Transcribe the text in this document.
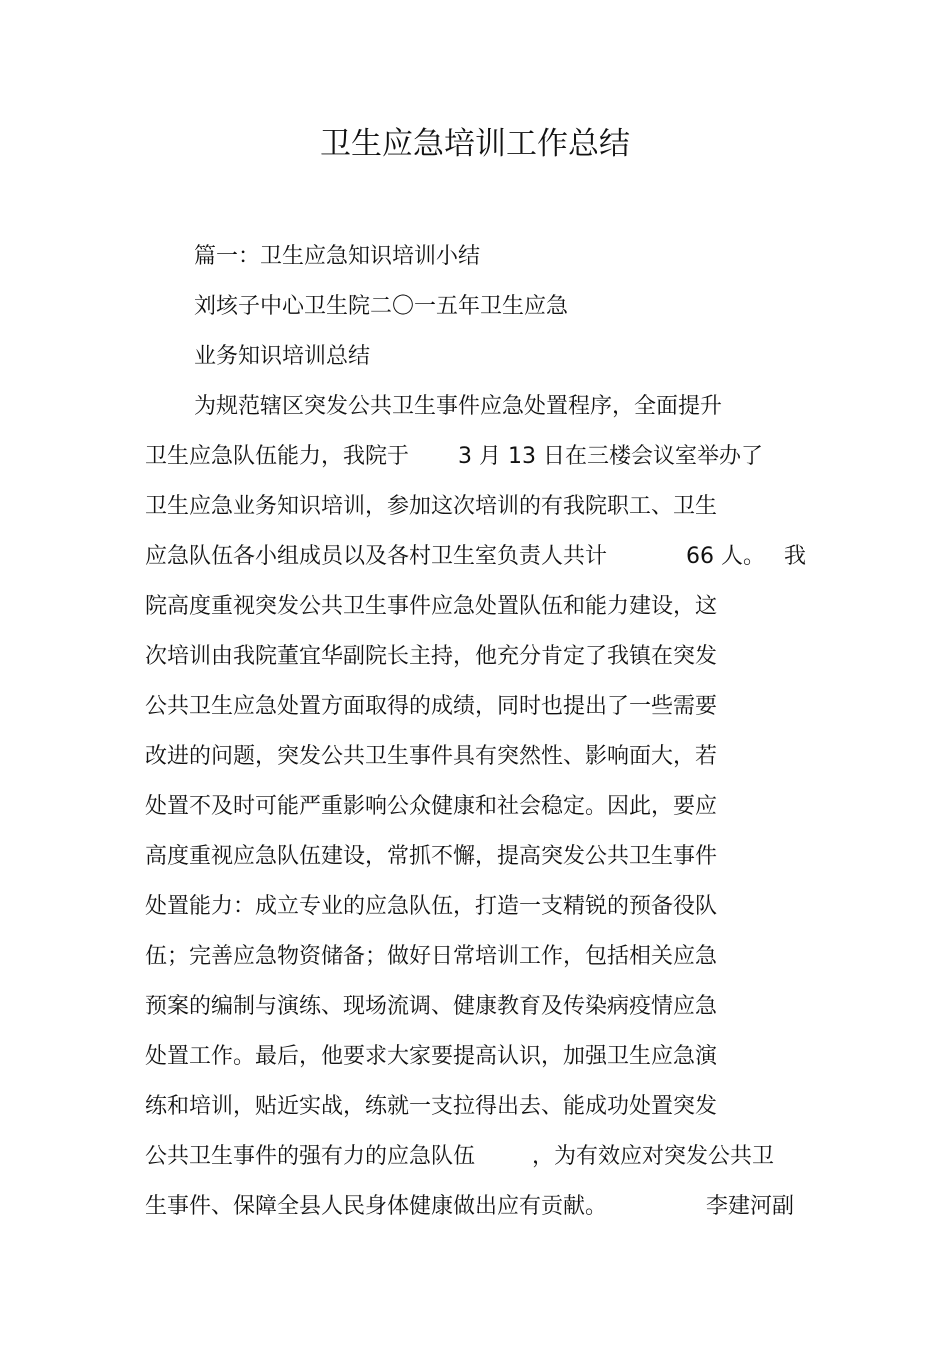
卫生应急培训工作总结
篇一：卫生应急知识培训小结
刘垓子中心卫生院二〇一五年卫生应急
业务知识培训总结
为规范辖区突发公共卫生事件应急处置程序，全面提升
卫生应急队伍能力，我院于 3 月 13 日在三楼会议室举办了
卫生应急业务知识培训，参加这次培训的有我院职工、卫生
应急队伍各小组成员以及各村卫生室负责人共计	66 人。 我
院高度重视突发公共卫生事件应急处置队伍和能力建设，这
次培训由我院董宜华副院长主持，他充分肯定了我镇在突发
公共卫生应急处置方面取得的成绩，同时也提出了一些需要
改进的问题，突发公共卫生事件具有突然性、影响面大，若
处置不及时可能严重影响公众健康和社会稳定。因此，要应
高度重视应急队伍建设，常抓不懈，提高突发公共卫生事件
处置能力：成立专业的应急队伍，打造一支精锐的预备役队
伍；完善应急物资储备；做好日常培训工作，包括相关应急
预案的编制与演练、现场流调、健康教育及传染病疫情应急
处置工作。最后，他要求大家要提高认识，加强卫生应急演
练和培训，贴近实战，练就一支拉得出去、能成功处置突发
公共卫生事件的强有力的应急队伍	，为有效应对突发公共卫
生事件、保障全县人民身体健康做出应有贡献。	李建河副
